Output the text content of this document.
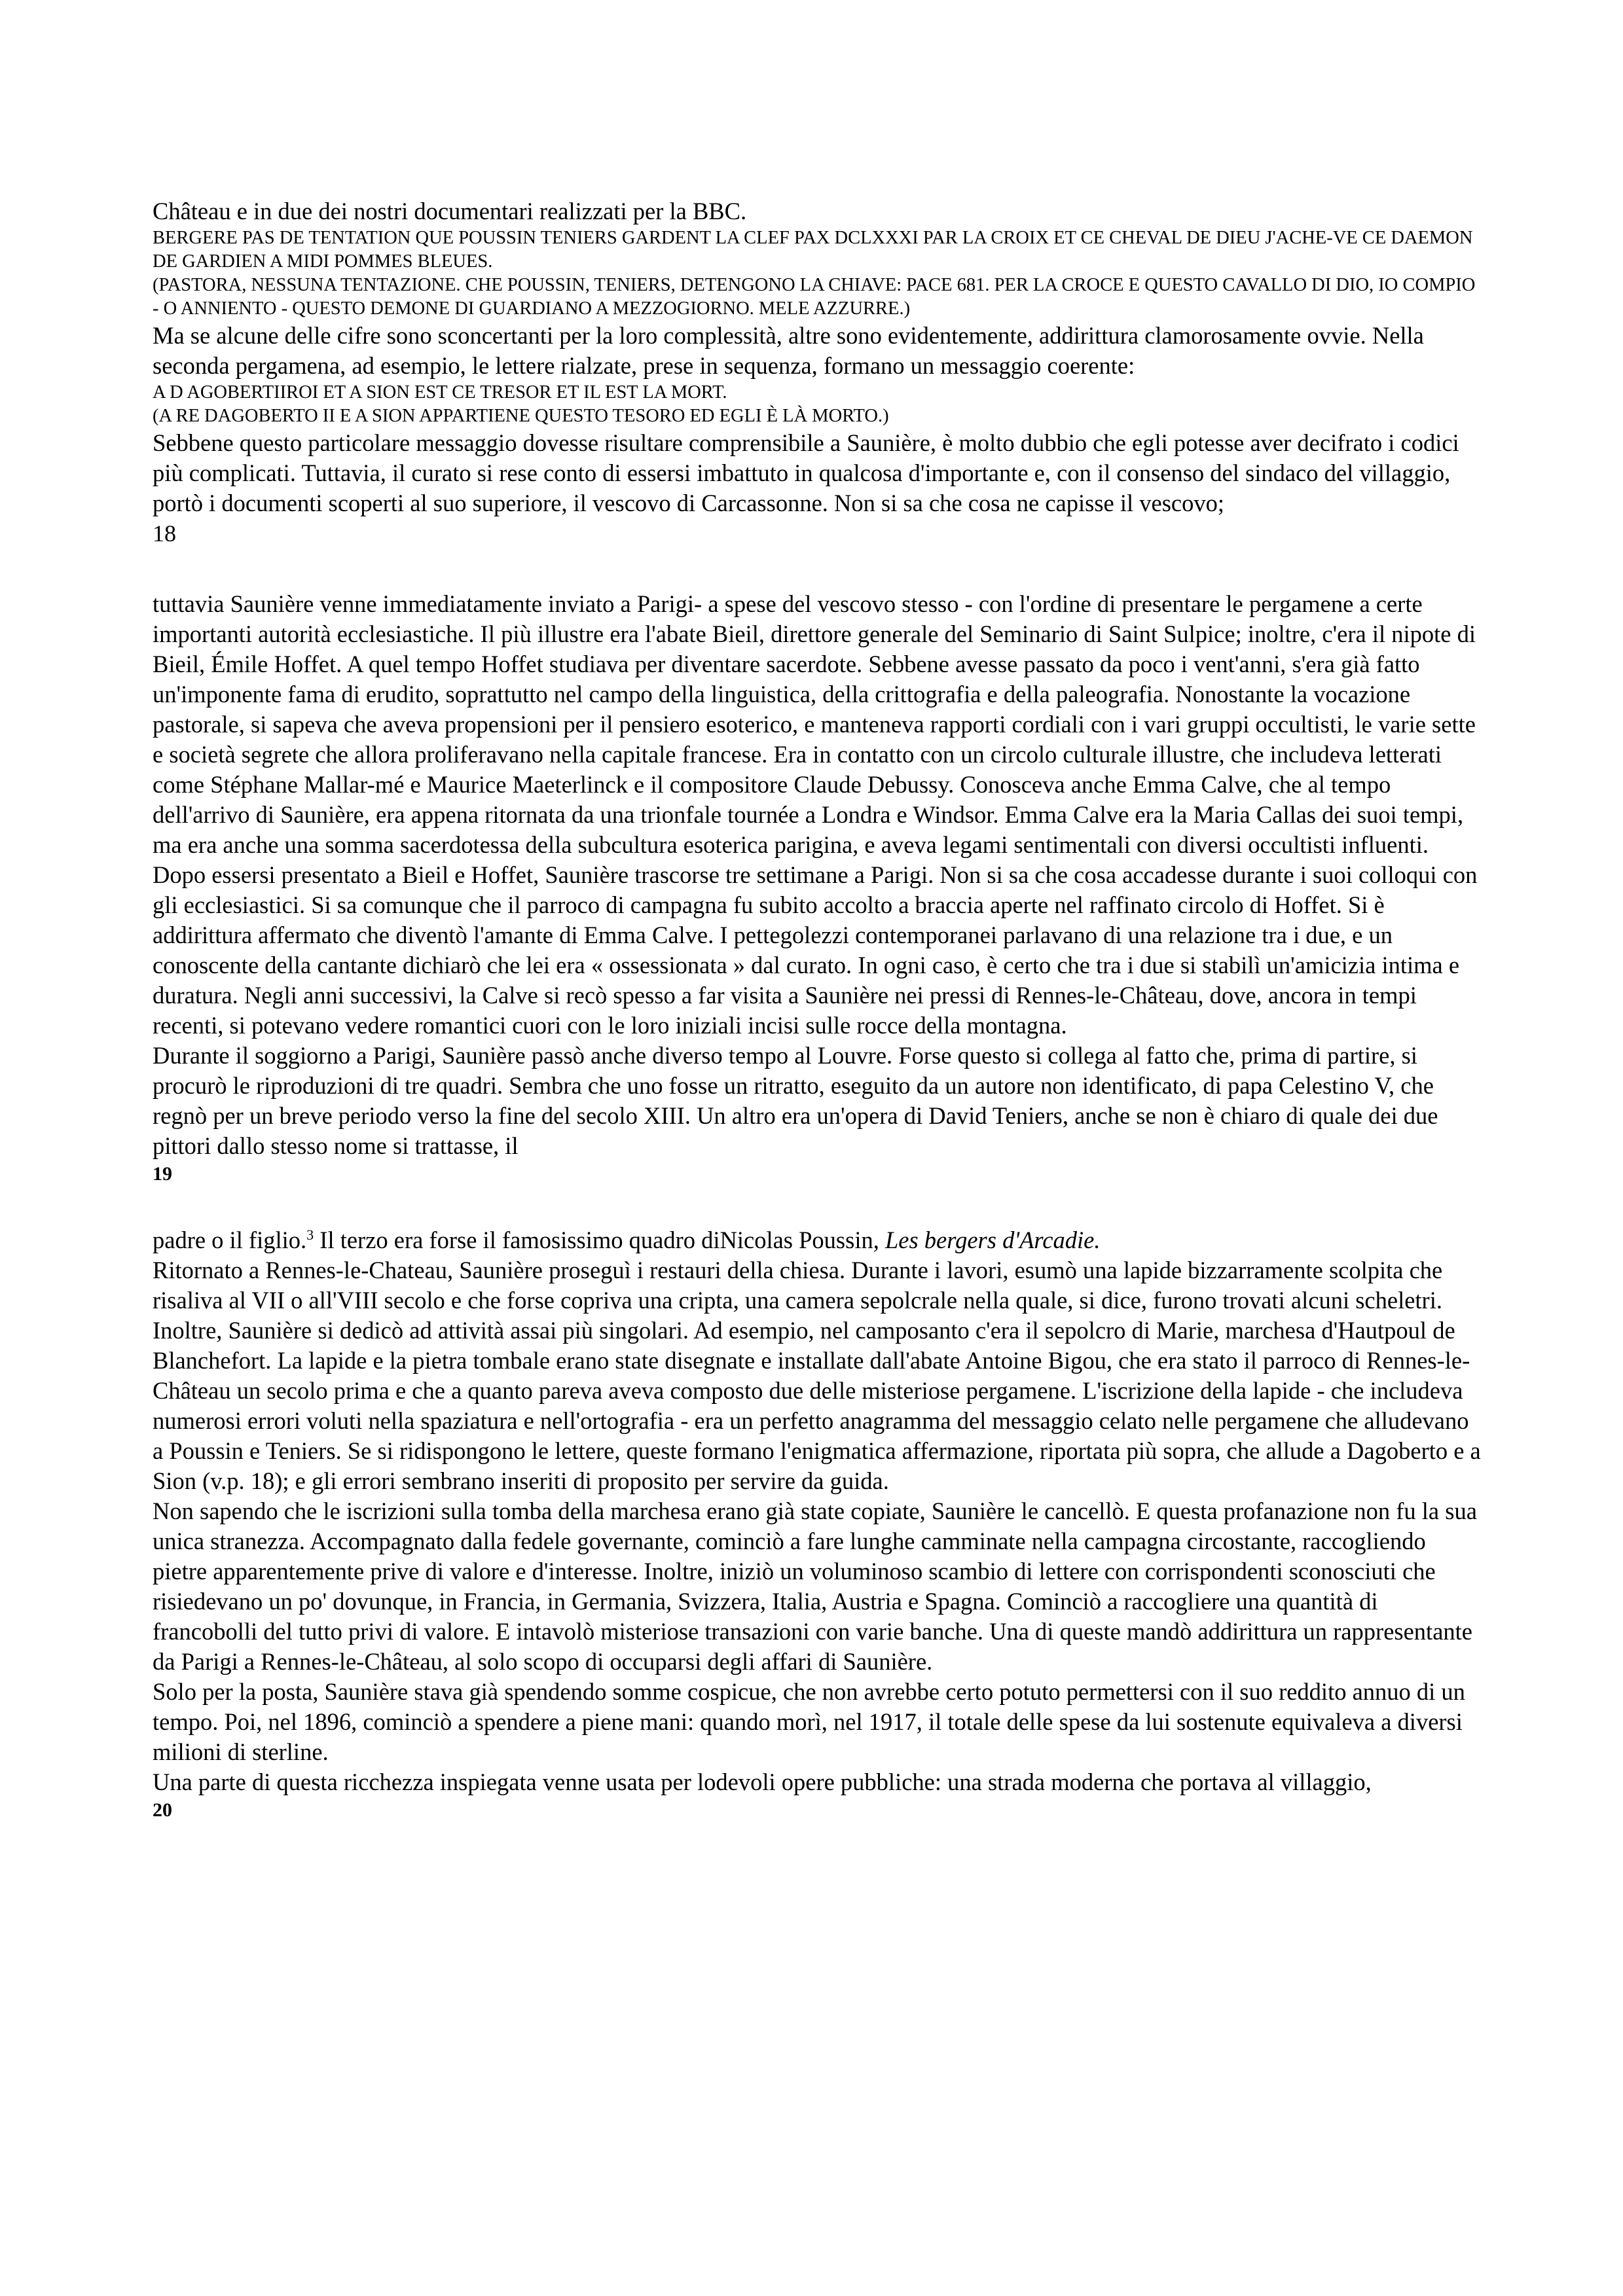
Château e in due dei nostri documentari realizzati per la BBC.

BERGERE PAS DE TENTATION QUE POUSSIN TENIERS GARDENT LA CLEF PAX DCLXXXI PAR LA CROIX ET CE CHEVAL DE DIEU J'ACHE-VE CE DAEMON DE GARDIEN A MIDI POMMES BLEUES.

(PASTORA, NESSUNA TENTAZIONE. CHE POUSSIN, TENIERS, DETENGONO LA CHIAVE: PACE 681. PER LA CROCE E QUESTO CAVALLO DI DIO, IO COMPIO - O ANNIENTO - QUESTO DEMONE DI GUARDIANO A MEZZOGIORNO. MELE AZZURRE.)

Ma se alcune delle cifre sono sconcertanti per la loro complessità, altre sono evidentemente, addirittura clamorosamente ovvie. Nella seconda pergamena, ad esempio, le lettere rialzate, prese in sequenza, formano un messaggio coerente:

A D AGOBERTIIROI ET A SION EST CE TRESOR ET IL EST LA MORT.

(A RE DAGOBERTO II E A SION APPARTIENE QUESTO TESORO ED EGLI È LÀ MORTO.)

Sebbene questo particolare messaggio dovesse risultare comprensibile a Saunière, è molto dubbio che egli potesse aver decifrato i codici più complicati. Tuttavia, il curato si rese conto di essersi imbattuto in qualcosa d'importante e, con il consenso del sindaco del villaggio, portò i documenti scoperti al suo superiore, il vescovo di Carcassonne. Non si sa che cosa ne capisse il vescovo;

18

tuttavia Saunière venne immediatamente inviato a Parigi- a spese del vescovo stesso - con l'ordine di presentare le pergamene a certe importanti autorità ecclesiastiche. Il più illustre era l'abate Bieil, direttore generale del Seminario di Saint Sulpice; inoltre, c'era il nipote di Bieil, Émile Hoffet. A quel tempo Hoffet studiava per diventare sacerdote. Sebbene avesse passato da poco i vent'anni, s'era già fatto un'imponente fama di erudito, soprattutto nel campo della linguistica, della crittografia e della paleografia. Nonostante la vocazione pastorale, si sapeva che aveva propensioni per il pensiero esoterico, e manteneva rapporti cordiali con i vari gruppi occultisti, le varie sette e società segrete che allora proliferavano nella capitale francese. Era in contatto con un circolo culturale illustre, che includeva letterati come Stéphane Mallar-mé e Maurice Maeterlinck e il compositore Claude Debussy. Conosceva anche Emma Calve, che al tempo dell'arrivo di Saunière, era appena ritornata da una trionfale tournée a Londra e Windsor. Emma Calve era la Maria Callas dei suoi tempi, ma era anche una somma sacerdotessa della subcultura esoterica parigina, e aveva legami sentimentali con diversi occultisti influenti.

Dopo essersi presentato a Bieil e Hoffet, Saunière trascorse tre settimane a Parigi. Non si sa che cosa accadesse durante i suoi colloqui con gli ecclesiastici. Si sa comunque che il parroco di campagna fu subito accolto a braccia aperte nel raffinato circolo di Hoffet. Si è addirittura affermato che diventò l'amante di Emma Calve. I pettegolezzi contemporanei parlavano di una relazione tra i due, e un conoscente della cantante dichiarò che lei era « ossessionata » dal curato. In ogni caso, è certo che tra i due si stabilì un'amicizia intima e duratura. Negli anni successivi, la Calve si recò spesso a far visita a Saunière nei pressi di Rennes-le-Château, dove, ancora in tempi recenti, si potevano vedere romantici cuori con le loro iniziali incisi sulle rocce della montagna.

Durante il soggiorno a Parigi, Saunière passò anche diverso tempo al Louvre. Forse questo si collega al fatto che, prima di partire, si procurò le riproduzioni di tre quadri. Sembra che uno fosse un ritratto, eseguito da un autore non identificato, di papa Celestino V, che regnò per un breve periodo verso la fine del secolo XIII. Un altro era un'opera di David Teniers, anche se non è chiaro di quale dei due pittori dallo stesso nome si trattasse, il

19

padre o il figlio.$^3$ Il terzo era forse il famosissimo quadro diNicolas Poussin, Les bergers d'Arcadie.

Ritornato a Rennes-le-Chateau, Saunière proseguì i restauri della chiesa. Durante i lavori, esumò una lapide bizzarramente scolpita che risaliva al VII o all'VIII secolo e che forse copriva una cripta, una camera sepolcrale nella quale, si dice, furono trovati alcuni scheletri. Inoltre, Saunière si dedicò ad attività assai più singolari. Ad esempio, nel camposanto c'era il sepolcro di Marie, marchesa d'Hautpoul de Blanchefort. La lapide e la pietra tombale erano state disegnate e installate dall'abate Antoine Bigou, che era stato il parroco di Rennes-le-Château un secolo prima e che a quanto pareva aveva composto due delle misteriose pergamene. L'iscrizione della lapide - che includeva numerosi errori voluti nella spaziatura e nell'ortografia - era un perfetto anagramma del messaggio celato nelle pergamene che alludevano a Poussin e Teniers. Se si ridispongono le lettere, queste formano l'enigmatica affermazione, riportata più sopra, che allude a Dagoberto e a Sion (v.p. 18); e gli errori sembrano inseriti di proposito per servire da guida.

Non sapendo che le iscrizioni sulla tomba della marchesa erano già state copiate, Saunière le cancellò. E questa profanazione non fu la sua unica stranezza. Accompagnato dalla fedele governante, cominciò a fare lunghe camminate nella campagna circostante, raccogliendo pietre apparentemente prive di valore e d'interesse. Inoltre, iniziò un voluminoso scambio di lettere con corrispondenti sconosciuti che risiedevano un po' dovunque, in Francia, in Germania, Svizzera, Italia, Austria e Spagna. Cominciò a raccogliere una quantità di francobolli del tutto privi di valore. E intavolò misteriose transazioni con varie banche. Una di queste mandò addirittura un rappresentante da Parigi a Rennes-le-Château, al solo scopo di occuparsi degli affari di Saunière.

Solo per la posta, Saunière stava già spendendo somme cospicue, che non avrebbe certo potuto permettersi con il suo reddito annuo di un tempo. Poi, nel 1896, cominciò a spendere a piene mani: quando morì, nel 1917, il totale delle spese da lui sostenute equivaleva a diversi milioni di sterline.

Una parte di questa ricchezza inspiegata venne usata per lodevoli opere pubbliche: una strada moderna che portava al villaggio,

20
